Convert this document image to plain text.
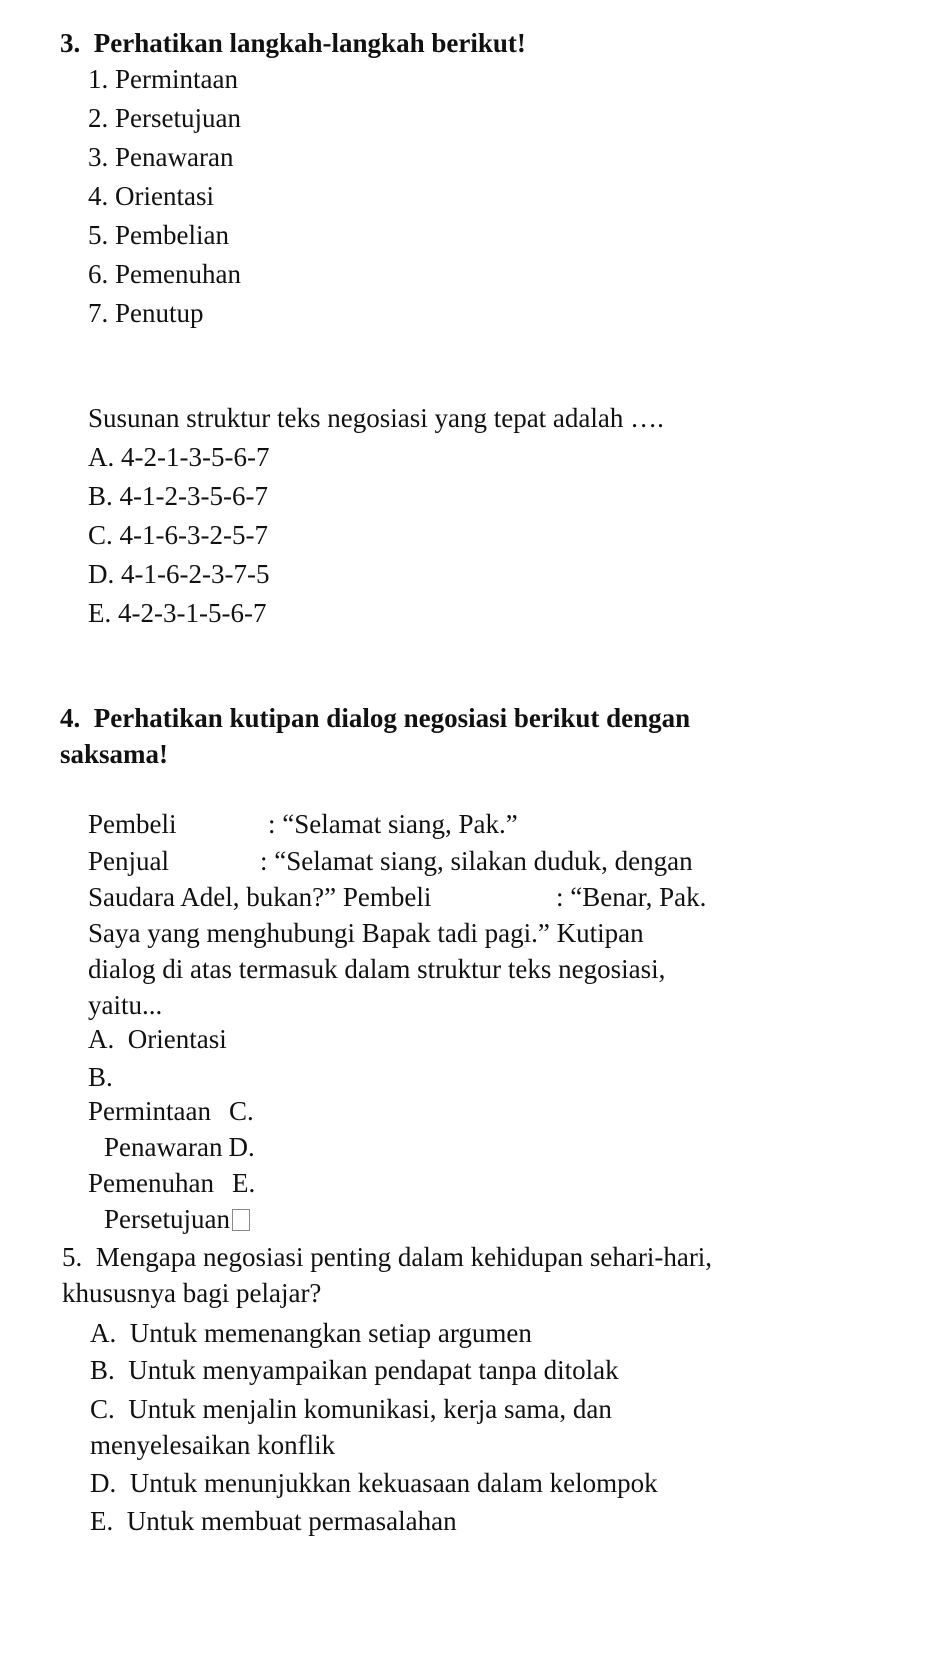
3.  Perhatikan langkah-langkah berikut!
1. Permintaan
2. Persetujuan
3. Penawaran
4. Orientasi
5. Pembelian
6. Pemenuhan
7. Penutup
Susunan struktur teks negosiasi yang tepat adalah ….
A. 4-2-1-3-5-6-7
B. 4-1-2-3-5-6-7
C. 4-1-6-3-2-5-7
D. 4-1-6-2-3-7-5
E. 4-2-3-1-5-6-7
4.  Perhatikan kutipan dialog negosiasi berikut dengan
saksama!
Pembeli	: “Selamat siang, Pak.”
Penjual	: “Selamat siang, silakan duduk, dengan
Saudara Adel, bukan?” Pembeli	: “Benar, Pak.
Saya yang menghubungi Bapak tadi pagi.” Kutipan
dialog di atas termasuk dalam struktur teks negosiasi,
yaitu...
A.  Orientasi
B.
Permintaan C.
Penawaran D.
Pemenuhan E.
Persetujuan
5.  Mengapa negosiasi penting dalam kehidupan sehari-hari,
khususnya bagi pelajar?
A.  Untuk memenangkan setiap argumen
B.  Untuk menyampaikan pendapat tanpa ditolak
C.  Untuk menjalin komunikasi, kerja sama, dan
menyelesaikan konflik
D.  Untuk menunjukkan kekuasaan dalam kelompok
E.  Untuk membuat permasalahan
